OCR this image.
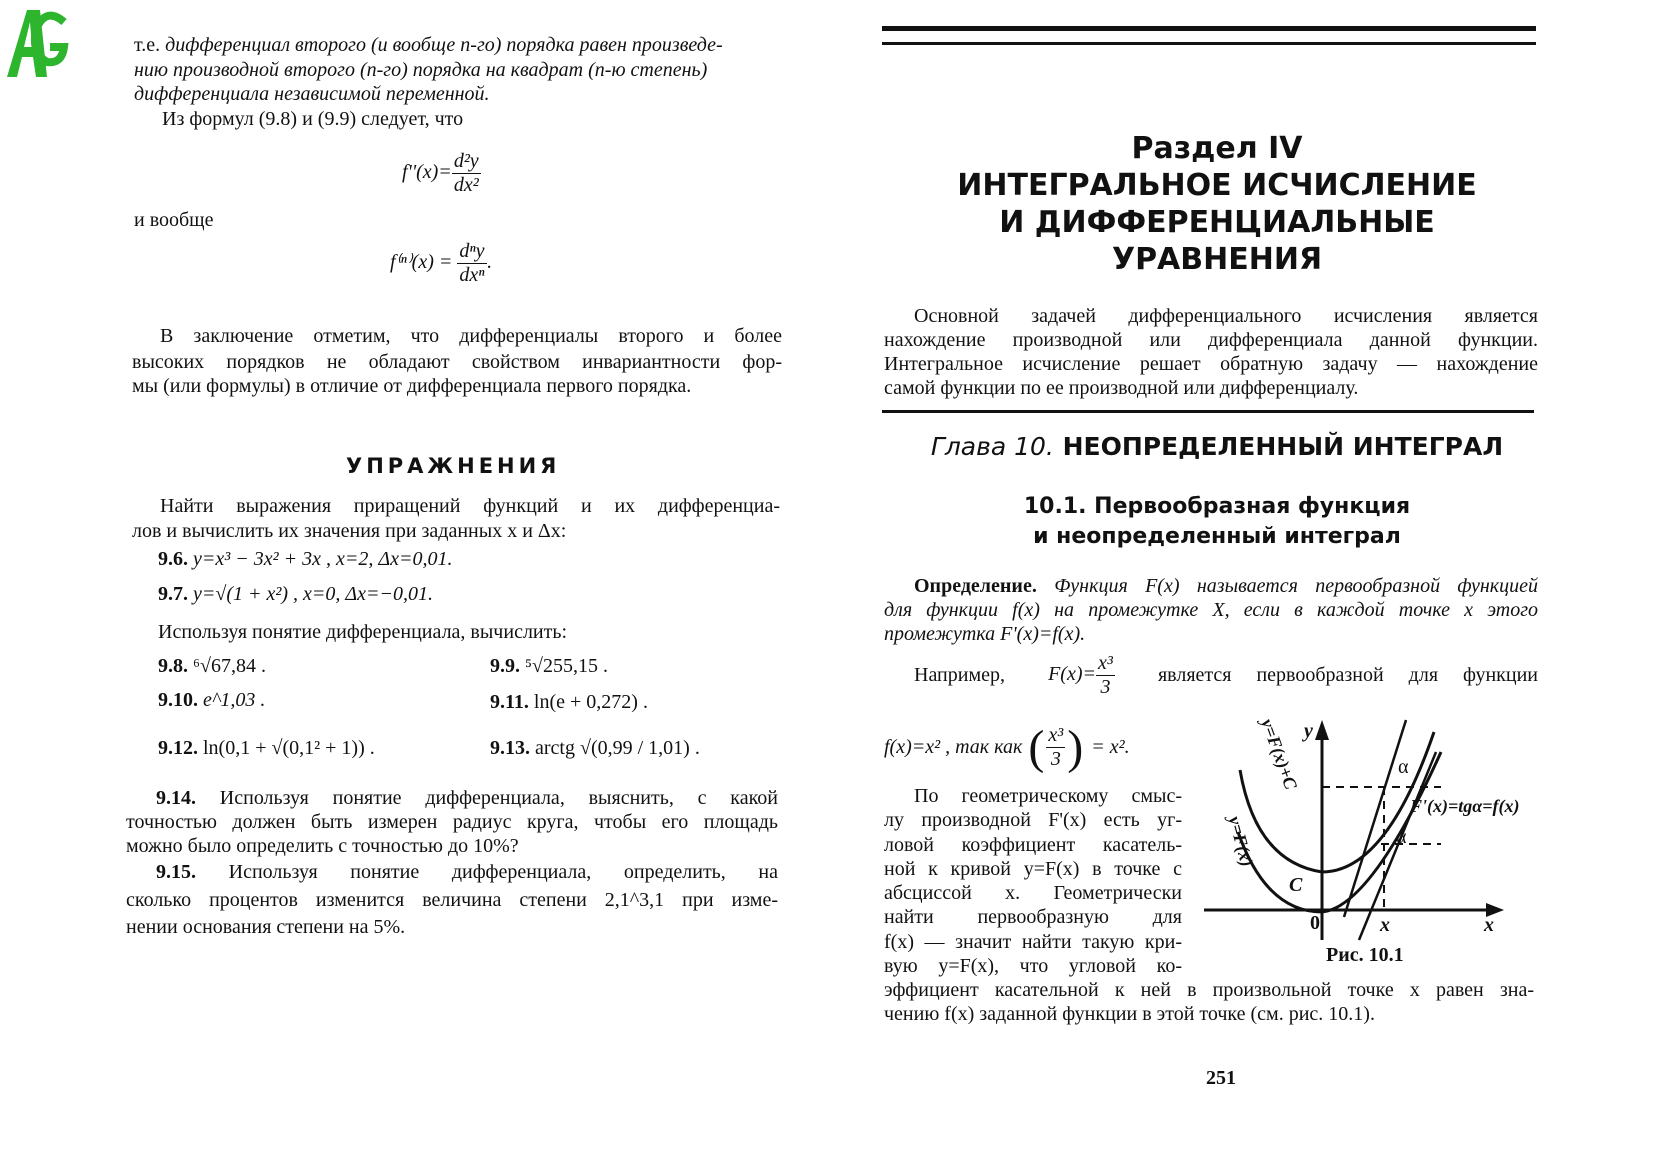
т.е. дифференциал второго (и вообще n-го) порядка равен произведе-
нию производной второго (n-го) порядка на квадрат (n-ю степень)
дифференциала независимой переменной.
Из формул (9.8) и (9.9) следует, что
$f''(x)= \frac{\text{d²y}}{\text{dx²}}$
и вообще
$f^{(n)}(x) = \frac{\text{dⁿy}}{\text{dxⁿ}}$ .
В заключение отметим, что дифференциалы второго и более
высоких порядков не обладают свойством инвариантности фор-
мы (или формулы) в отличие от дифференциала первого порядка.
УПРАЖНЕНИЯ
Найти выражения приращений функций и их дифференциа-
лов и вычислить их значения при заданных x и Δx:
9.6. y=x³ − 3x² + 3x , x=2, Δx=0,01.
9.7. y=√(1 + x²) , x=0, Δx=−0,01.
Используя понятие дифференциала, вычислить:
9.8. ⁶√67,84 .	9.9. ⁵√255,15 .
9.10. e^1,03 .	9.11. ln(e + 0,272) .
9.12. ln(0,1 + √(0,1² + 1)) .	9.13. arctg √(0,99 / 1,01) .
9.14. Используя понятие дифференциала, выяснить, с какой
точностью должен быть измерен радиус круга, чтобы его площадь
можно было определить с точностью до 10%?
9.15. Используя понятие дифференциала, определить, на
сколько процентов изменится величина степени 2,1^3,1 при изме-
нении основания степени на 5%.
Раздел IV
ИНТЕГРАЛЬНОЕ ИСЧИСЛЕНИЕ
И ДИФФЕРЕНЦИАЛЬНЫЕ
УРАВНЕНИЯ
Основной задачей дифференциального исчисления является
нахождение производной или дифференциала данной функции.
Интегральное исчисление решает обратную задачу — нахождение
самой функции по ее производной или дифференциалу.
Глава 10. НЕОПРЕДЕЛЕННЫЙ ИНТЕГРАЛ
10.1. Первообразная функция
и неопределенный интеграл
Определение. Функция F(x) называется первообразной функцией
для функции f(x) на промежутке X, если в каждой точке x этого
промежутка F'(x)=f(x).
Например, $F(x)= \frac{\text{x³}}{3}$ является первообразной для функции
f(x)=x² , так как ( $\frac{\text{x³}}{3}$ ) = x².
По геометрическому смыс-
лу производной F'(x) есть уг-
ловой коэффициент касатель-
ной к кривой y=F(x) в точке с
абсциссой x. Геометрически
найти первообразную для
f(x) — значит найти такую кри-
вую y=F(x), что угловой ко-
эффициент касательной к ней в произвольной точке x равен зна-
чению f(x) заданной функции в этой точке (см. рис. 10.1).
y
x
0	x
C
y=F(x)+C
y=F(x)
α
α
F'(x)=tgα=f(x)
Рис. 10.1
251
